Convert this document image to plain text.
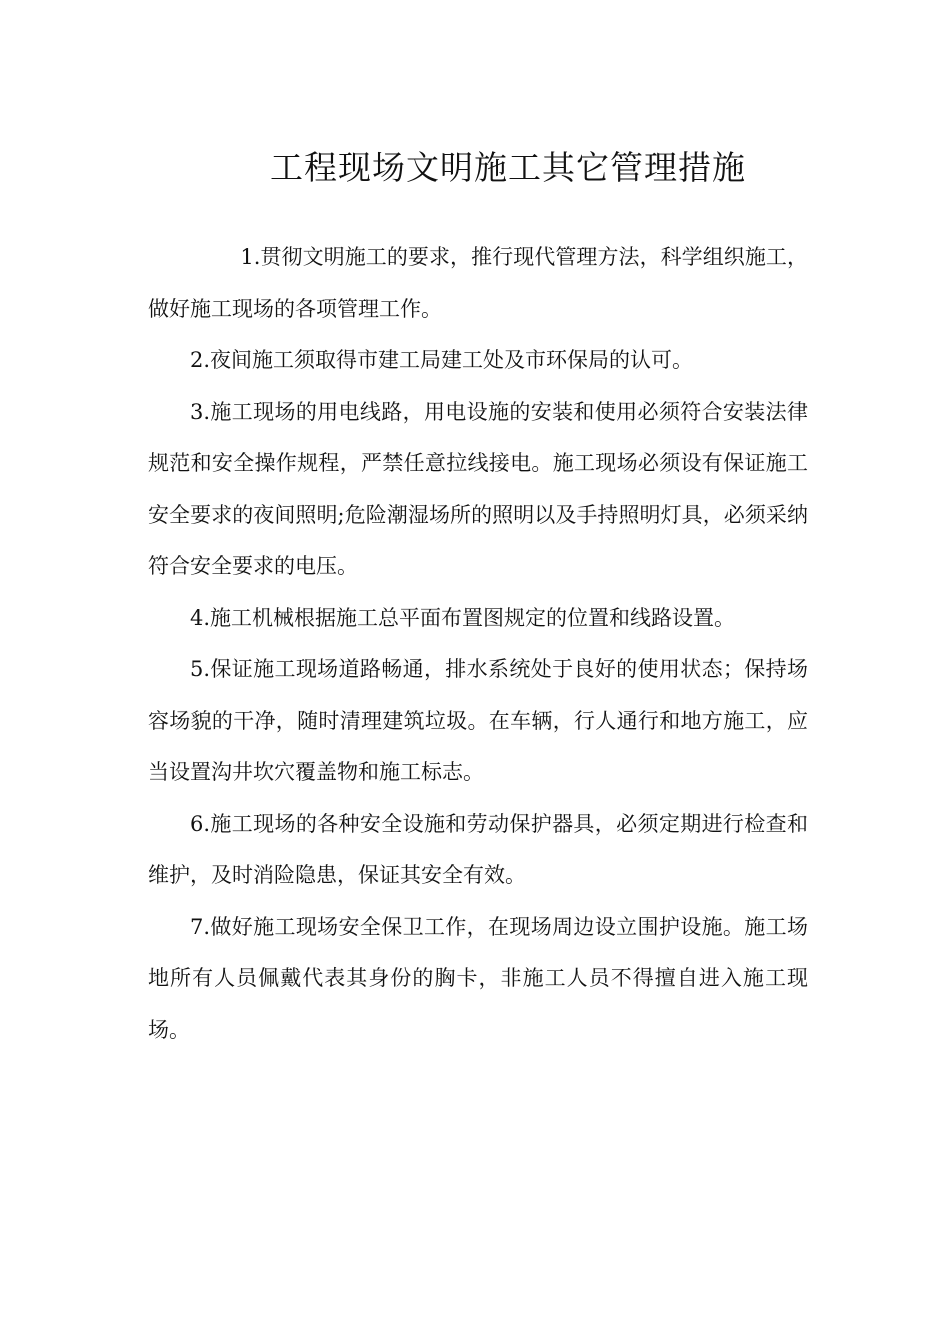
工程现场文明施工其它管理措施

1.贯彻文明施工的要求，推行现代管理方法，科学组织施工，做好施工现场的各项管理工作。

2.夜间施工须取得市建工局建工处及市环保局的认可。

3.施工现场的用电线路，用电设施的安装和使用必须符合安装法律规范和安全操作规程，严禁任意拉线接电。施工现场必须设有保证施工安全要求的夜间照明;危险潮湿场所的照明以及手持照明灯具，必须采纳符合安全要求的电压。

4.施工机械根据施工总平面布置图规定的位置和线路设置。

5.保证施工现场道路畅通，排水系统处于良好的使用状态；保持场容场貌的干净，随时清理建筑垃圾。在车辆，行人通行和地方施工，应当设置沟井坎穴覆盖物和施工标志。

6.施工现场的各种安全设施和劳动保护器具，必须定期进行检查和维护，及时消险隐患，保证其安全有效。

7.做好施工现场安全保卫工作，在现场周边设立围护设施。施工场地所有人员佩戴代表其身份的胸卡，非施工人员不得擅自进入施工现场。
